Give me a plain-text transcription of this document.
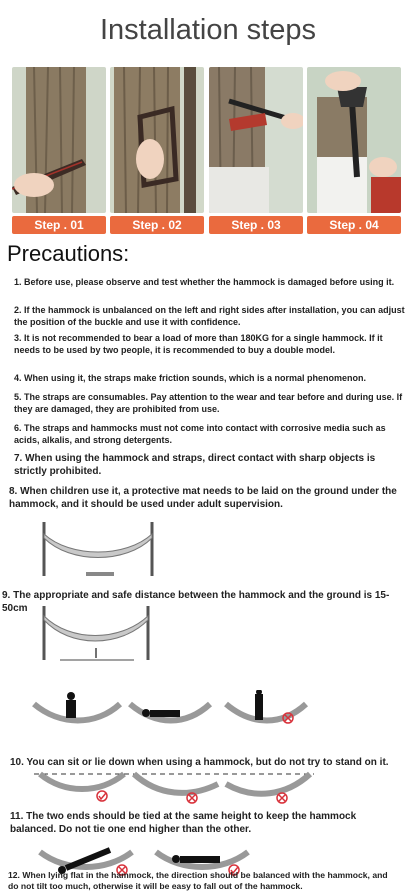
Installation steps
Step . 01	Step . 02	Step . 03	Step . 04
Precautions:
1. Before use, please observe and test whether the hammock is damaged before using it.
2. If the hammock is unbalanced on the left and right sides after installation, you can adjust the position of the buckle and use it with confidence.
3. It is not recommended to bear a load of more than 180KG for a single hammock. If it needs to be used by two people, it is recommended to buy a double model.
4. When using it, the straps make friction sounds, which is a normal phenomenon.
5. The straps are consumables. Pay attention to the wear and tear before and during use. If they are damaged, they are prohibited from use.
6. The straps and hammocks must not come into contact with corrosive media such as acids, alkalis, and strong detergents.
7. When using the hammock and straps, direct contact with sharp objects is strictly prohibited.
8. When children use it, a protective mat needs to be laid on the ground under the hammock, and it should be used under adult supervision.
9. The appropriate and safe distance between the hammock and the ground is 15-50cm
10. You can sit or lie down when using a hammock, but do not try to stand on it.
11. The two ends should be tied at the same height to keep the hammock balanced. Do not tie one end higher than the other.
12. When lying flat in the hammock, the direction should be balanced with the hammock, and do not tilt too much, otherwise it will be easy to fall out of the hammock.
